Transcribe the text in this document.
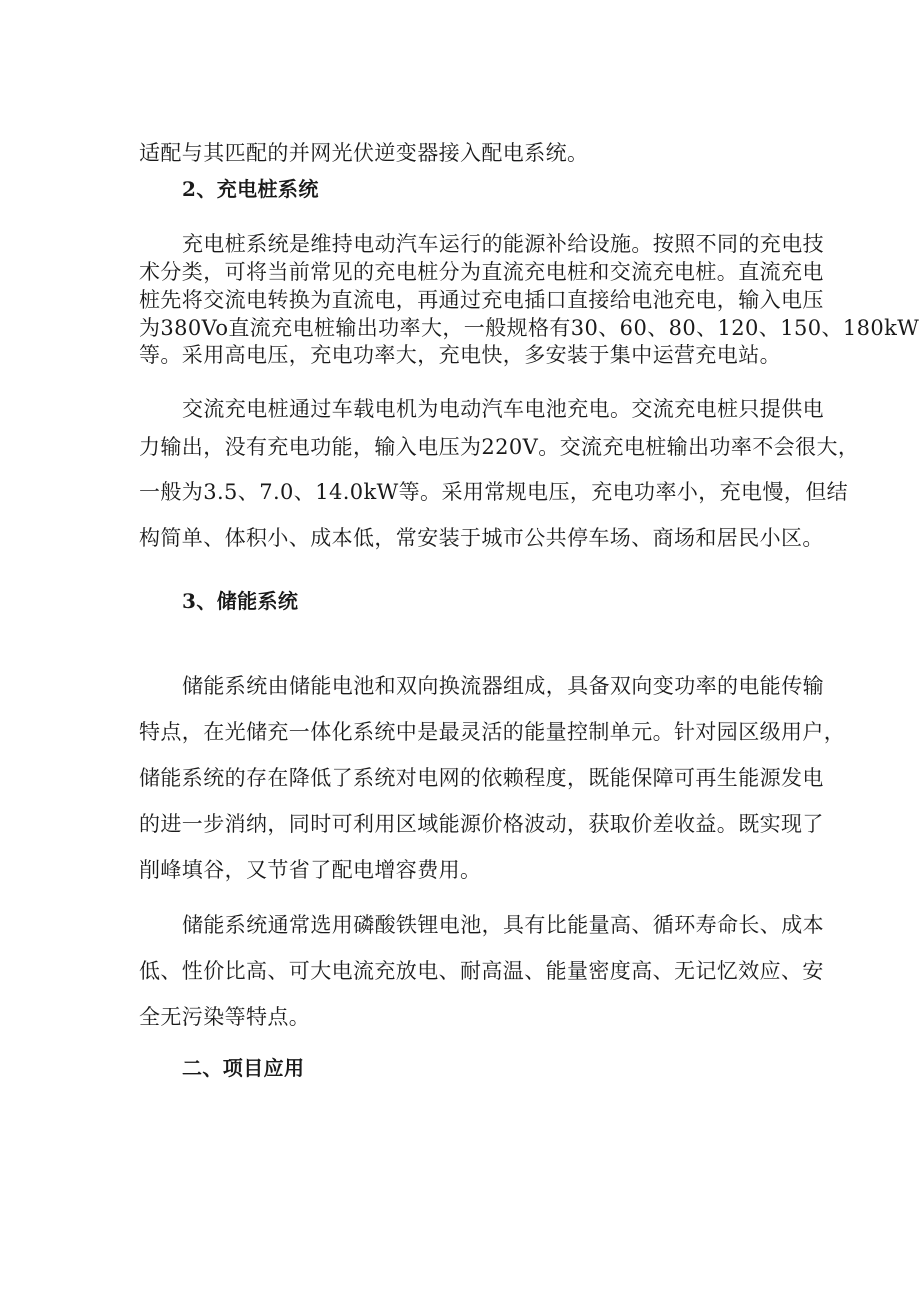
适配与其匹配的并网光伏逆变器接入配电系统。
2、充电桩系统
充电桩系统是维持电动汽车运行的能源补给设施。按照不同的充电技
术分类，可将当前常见的充电桩分为直流充电桩和交流充电桩。直流充电
桩先将交流电转换为直流电，再通过充电插口直接给电池充电，输入电压
为380Vo直流充电桩输出功率大，一般规格有30、60、80、120、150、180kW
等。采用高电压，充电功率大，充电快，多安装于集中运营充电站。
交流充电桩通过车载电机为电动汽车电池充电。交流充电桩只提供电
力输出，没有充电功能，输入电压为220V。交流充电桩输出功率不会很大，
一般为3.5、7.0、14.0kW等。采用常规电压，充电功率小，充电慢，但结
构简单、体积小、成本低，常安装于城市公共停车场、商场和居民小区。
3、储能系统
储能系统由储能电池和双向换流器组成，具备双向变功率的电能传输
特点，在光储充一体化系统中是最灵活的能量控制单元。针对园区级用户，
储能系统的存在降低了系统对电网的依赖程度，既能保障可再生能源发电
的进一步消纳，同时可利用区域能源价格波动，获取价差收益。既实现了
削峰填谷，又节省了配电增容费用。
储能系统通常选用磷酸铁锂电池，具有比能量高、循环寿命长、成本
低、性价比高、可大电流充放电、耐高温、能量密度高、无记忆效应、安
全无污染等特点。
二、项目应用
